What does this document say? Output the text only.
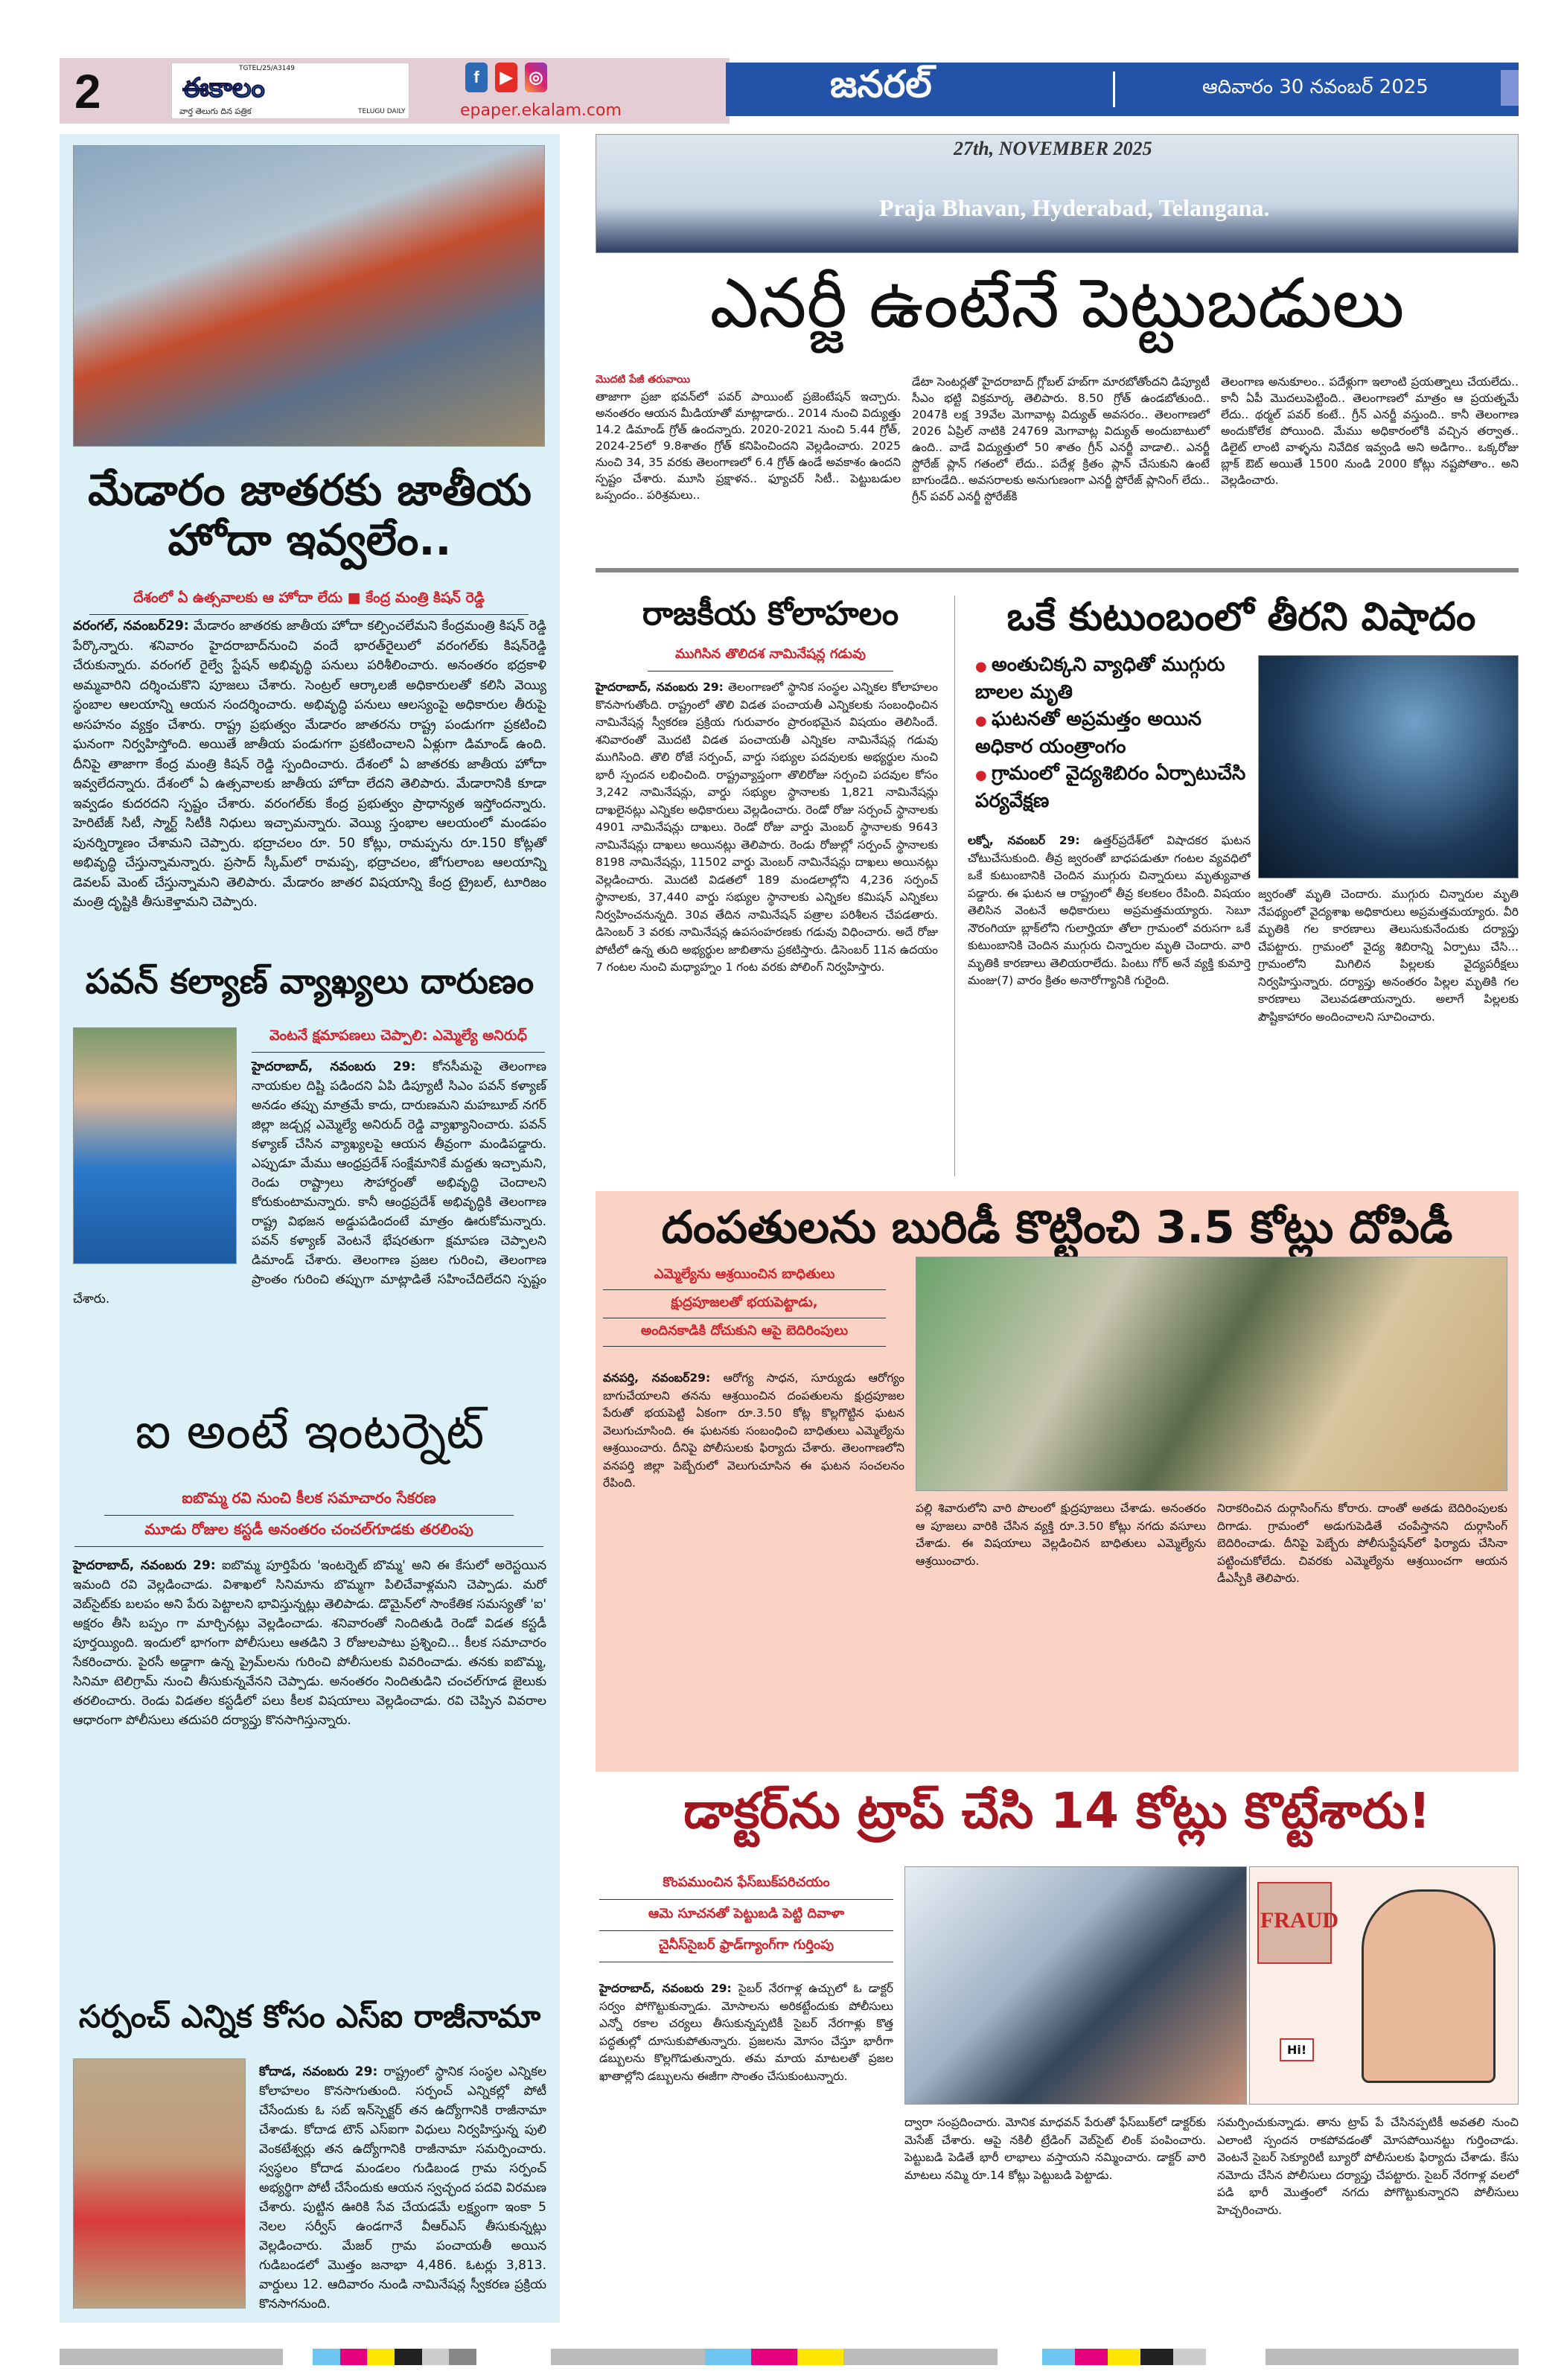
2	TGTEL/25/A3149
ఈకాలం
వార్త తెలుగు దిన పత్రిక	TELUGU DAILY
f	▶ ◎
epaper.ekalam.com
జనరల్	ఆదివారం 30 నవంబర్ 2025
మేడారం జాతరకు జాతీయ హోదా ఇవ్వలేం..
దేశంలో ఏ ఉత్సవాలకు ఆ హోదా లేదు ■ కేంద్ర మంత్రి కిషన్ రెడ్డి
వరంగల్, నవంబర్29: మేడారం జాతరకు జాతీయ హోదా కల్పించలేమని కేంద్రమంత్రి కిషన్ రెడ్డి పేర్కొన్నారు. శనివారం హైదరాబాద్‌నుంచి వందే భారత్‌రైలులో వరంగల్‌కు కిషన్‌రెడ్డి చేరుకున్నారు. వరంగల్ రైల్వే స్టేషన్ అభివృద్ధి పనులు పరిశీలించారు. అనంతరం భద్రకాళి అమ్మవారిని దర్శించుకొని పూజలు చేశారు. సెంట్రల్ ఆర్కాలజీ అధికారులతో కలిసి వెయ్యి స్థంబాల ఆలయాన్ని ఆయన సందర్శించారు. అభివృద్ధి పనులు ఆలస్యంపై అధికారుల తీరుపై అసహనం వ్యక్తం చేశారు. రాష్ట్ర ప్రభుత్వం మేడారం జాతరను రాష్ట్ర పండుగగా ప్రకటించి ఘనంగా నిర్వహిస్తోంది. అయితే జాతీయ పండుగగా ప్రకటించాలని ఏళ్లుగా డిమాండ్ ఉంది. దీనిపై తాజాగా కేంద్ర మంత్రి కిషన్ రెడ్డి స్పందించారు. దేశంలో ఏ జాతరకు జాతీయ హోదా ఇవ్వలేదన్నారు. దేశంలో ఏ ఉత్సవాలకు జాతీయ హోదా లేదని తెలిపారు. మేడారానికి కూడా ఇవ్వడం కుదరదని స్పష్టం చేశారు. వరంగల్‌కు కేంద్ర ప్రభుత్వం ప్రాధాన్యత ఇస్తోందన్నారు. హెరిటేజ్ సిటీ, స్మార్ట్ సిటీకి నిధులు ఇచ్చామన్నారు. వెయ్యి స్తంభాల ఆలయంలో మండపం పునర్నిర్మాణం చేశామని చెప్పారు. భద్రాచలం రూ. 50 కోట్లు, రామప్పను రూ.150 కోట్లతో అభివృద్ధి చేస్తున్నామన్నారు. ప్రసాద్ స్కీమ్‌లో రామప్ప, భద్రాచలం, జోగులాంబ ఆలయాన్ని డెవలప్ మెంట్ చేస్తున్నామని తెలిపారు. మేడారం జాతర విషయాన్ని కేంద్ర ట్రైబల్, టూరిజం మంత్రి దృష్టికి తీసుకెళ్తామని చెప్పారు.
పవన్ కల్యాణ్ వ్యాఖ్యలు దారుణం
వెంటనే క్షమాపణలు చెప్పాలి: ఎమ్మెల్యే అనిరుధ్
హైదరాబాద్, నవంబరు 29: కోనసీమపై తెలంగాణ నాయకుల దిష్టి పడిందని ఏపి డిప్యూటీ సిఎం పవన్ కళ్యాణ్ అనడం తప్పు మాత్రమే కాదు, దారుణమని మహబూబ్ నగర్ జిల్లా జడ్చర్ల ఎమ్మెల్యే అనిరుద్ రెడ్డి వ్యాఖ్యానించారు. పవన్ కళ్యాణ్ చేసిన వ్యాఖ్యలపై ఆయన తీవ్రంగా మండిపడ్డారు. ఎప్పుడూ మేము ఆంధ్రప్రదేశ్ సంక్షేమానికే మద్దతు ఇచ్చామని, రెండు రాష్ట్రాలు సౌహార్దంతో అభివృద్ధి చెందాలని కోరుకుంటామన్నారు. కానీ ఆంధ్రప్రదేశ్ అభివృద్ధికి తెలంగాణ రాష్ట్ర విభజన అడ్డుపడిందంటే మాత్రం ఊరుకోమన్నారు. పవన్ కళ్యాణ్ వెంటనే భేషరతుగా క్షమాపణ చెప్పాలని డిమాండ్ చేశారు. తెలంగాణ ప్రజల గురించి, తెలంగాణ ప్రాంతం గురించి తప్పుగా మాట్లాడితే సహించేదిలేదని స్పష్టం చేశారు.
ఐ అంటే ఇంటర్నెట్
ఐబొమ్మ రవి నుంచి కీలక సమాచారం సేకరణ
మూడు రోజుల కస్టడీ అనంతరం చంచల్‌గూడకు తరలింపు
హైదరాబాద్, నవంబరు 29: ఐబొమ్మ పూర్తిపేరు 'ఇంటర్నెట్ బొమ్మ' అని ఈ కేసులో అరెస్టయిన ఇమంది రవి వెల్లడించాడు. విశాఖలో సినిమాను బొమ్మగా పిలిచేవాళ్లమని చెప్పాడు. మరో వెబ్‌సైట్‌కు బలపం అని పేరు పెట్టాలని భావిస్తున్నట్లు తెలిపాడు. డొమైన్‌లో సాంకేతిక సమస్యతో 'ఐ' అక్షరం తీసి బప్పం గా మార్చినట్లు వెల్లడించాడు. శనివారంతో నిందితుడి రెండో విడత కస్టడీ పూర్తయ్యింది. ఇందులో భాగంగా పోలీసులు ఆతడిని 3 రోజులపాటు ప్రశ్నించి... కీలక సమాచారం సేకరించారు. పైరసీ అడ్డాగా ఉన్న ప్రైమ్‌లను గురించి పోలీసులకు వివరించాడు. తనకు ఐబొమ్మ, సినిమా టెలిగ్రామ్ నుంచి తీసుకున్నవేనని చెప్పాడు. అనంతరం నిందితుడిని చంచల్‌గూడ జైలుకు తరలించారు. రెండు విడతల కస్టడీలో పలు కీలక విషయాలు వెల్లడించాడు. రవి చెప్పిన వివరాల ఆధారంగా పోలీసులు తదుపరి దర్యాప్తు కొనసాగిస్తున్నారు.
సర్పంచ్ ఎన్నిక కోసం ఎస్ఐ రాజీనామా
కోదాడ, నవంబరు 29: రాష్ట్రంలో స్థానిక సంస్థల ఎన్నికల కోలాహలం కొనసాగుతుంది. సర్పంచ్ ఎన్నికల్లో పోటీ చేసేందుకు ఓ సబ్ ఇన్‌స్పెక్టర్ తన ఉద్యోగానికి రాజీనామా చేశాడు. కోదాడ టౌన్ ఎస్ఐగా విధులు నిర్వహిస్తున్న పులి వెంకటేశ్వర్లు తన ఉద్యోగానికి రాజీనామా సమర్పించారు. స్వస్థలం కోదాడ మండలం గుడిబండ గ్రామ సర్పంచ్ అభ్యర్థిగా పోటీ చేసేందుకు ఆయన స్వచ్ఛంద పదవి విరమణ చేశారు. పుట్టిన ఊరికి సేవ చేయడమే లక్ష్యంగా ఇంకా 5 నెలల సర్వీస్ ఉండగానే వీఆర్ఎస్ తీసుకున్నట్లు వెల్లడించారు. మేజర్ గ్రామ పంచాయతీ అయిన గుడిబండలో మొత్తం జనాభా 4,486. ఓటర్లు 3,813. వార్డులు 12. ఆదివారం నుండి నామినేషన్ల స్వీకరణ ప్రక్రియ కొనసాగనుంది.
27th, NOVEMBER 2025
Praja Bhavan, Hyderabad, Telangana.
ఎనర్జీ ఉంటేనే పెట్టుబడులు
మొదటి పేజీ తరువాయి
తాజాగా ప్రజా భవన్‌లో పవర్ పాయింట్ ప్రజెంటేషన్ ఇచ్చారు. అనంతరం ఆయన మీడియాతో మాట్లాడారు.. 2014 నుంచి విద్యుత్తు 14.2 డిమాండ్ గ్రోత్ ఉందన్నారు. 2020-2021 నుంచి 5.44 గ్రోత్, 2024-25లో 9.8శాతం గ్రోత్ కనిపించిందని వెల్లడించారు. 2025 నుంచి 34, 35 వరకు తెలంగాణలో 6.4 గ్రోత్ ఉండే అవకాశం ఉందని స్పష్టం చేశారు. మూసి ప్రక్షాళన.. ఫ్యూచర్ సిటీ.. పెట్టుబడుల ఒప్పందం.. పరిశ్రమలు..
డేటా సెంటర్లతో హైదరాబాద్ గ్లోబల్ హబ్‌గా మారబోతోందని డిప్యూటీ సీఎం భట్టి విక్రమార్క తెలిపారు. 8.50 గ్రోత్ ఉండబోతుంది.. 2047కి లక్ష 39వేల మెగావాట్ల విద్యుత్ అవసరం.. తెలంగాణలో 2026 ఏప్రిల్ నాటికి 24769 మెగావాట్ల విద్యుత్ అందుబాటులో ఉంది.. వాడే విద్యుత్తులో 50 శాతం గ్రీన్ ఎనర్జీ వాడాలి.. ఎనర్జీ స్టోరేజ్ ప్లాన్ గతంలో లేదు.. పదేళ్ల క్రితం ప్లాన్ చేసుకుని ఉంటే బాగుండేది.. అవసరాలకు అనుగుణంగా ఎనర్జీ స్టోరేజ్ ప్లానింగ్ లేదు.. గ్రీన్ పవర్ ఎనర్జీ స్టోరేజ్‌కి
తెలంగాణ అనుకూలం.. పదేళ్లుగా ఇలాంటి ప్రయత్నాలు చేయలేదు.. కానీ ఏపీ మొదలుపెట్టింది.. తెలంగాణలో మాత్రం ఆ ప్రయత్నమే లేదు.. థర్మల్ పవర్ కంటే.. గ్రీన్ ఎనర్జీ వస్తుంది.. కానీ తెలంగాణ అందుకోలేక పోయింది. మేము అధికారంలోకి వచ్చిన తర్వాత.. డిలైట్ లాంటి వాళ్ళను నివేదిక ఇవ్వండి అని అడిగాం.. ఒక్కరోజు బ్లాక్ ఔట్ అయితే 1500 నుండి 2000 కోట్లు నష్టపోతాం.. అని వెల్లడించారు.
రాజకీయ కోలాహలం
ముగిసిన తొలిదశ నామినేషన్ల గడువు
హైదరాబాద్, నవంబరు 29: తెలంగాణలో స్థానిక సంస్థల ఎన్నికల కోలాహలం కొనసాగుతోంది. రాష్ట్రంలో తొలి విడత పంచాయతీ ఎన్నికలకు సంబంధించిన నామినేషన్ల స్వీకరణ ప్రక్రియ గురువారం ప్రారంభమైన విషయం తెలిసిందే. శనివారంతో మొదటి విడత పంచాయతీ ఎన్నికల నామినేషన్ల గడువు ముగిసింది. తొలి రోజే సర్పంచ్, వార్డు సభ్యుల పదవులకు అభ్యర్థుల నుంచి భారీ స్పందన లభించింది. రాష్ట్రవ్యాప్తంగా తొలిరోజు సర్పంచి పదవుల కోసం 3,242 నామినేషన్లు, వార్డు సభ్యుల స్థానాలకు 1,821 నామినేషన్లు దాఖలైనట్లు ఎన్నికల అధికారులు వెల్లడించారు. రెండో రోజు సర్పంచ్ స్థానాలకు 4901 నామినేషన్లు దాఖలు. రెండో రోజు వార్డు మెంబర్ స్థానాలకు 9643 నామినేషన్లు దాఖలు అయినట్లు తెలిపారు. రెండు రోజుల్లో సర్పంచ్ స్థానాలకు 8198 నామినేషన్లు, 11502 వార్డు మెంబర్ నామినేషన్లు దాఖలు అయినట్లు వెల్లడించారు. మొదటి విడతలో 189 మండలాల్లోని 4,236 సర్పంచ్ స్థానాలకు, 37,440 వార్డు సభ్యుల స్థానాలకు ఎన్నికల కమిషన్ ఎన్నికలు నిర్వహించనున్నది. 30వ తేదిన నామినేషన్ పత్రాల పరిశీలన చేపడతారు. డిసెంబర్ 3 వరకు నామినేషన్ల ఉపసంహరణకు గడువు విధించారు. అదే రోజు పోటీలో ఉన్న తుది అభ్యర్థుల జాబితాను ప్రకటిస్తారు. డిసెంబర్ 11న ఉదయం 7 గంటల నుంచి మధ్యాహ్నం 1 గంట వరకు పోలింగ్ నిర్వహిస్తారు.
ఒకే కుటుంబంలో తీరని విషాదం
● అంతుచిక్కని వ్యాధితో ముగ్గురు బాలల మృతి
● ఘటనతో అప్రమత్తం అయిన అధికార యంత్రాంగం
● గ్రామంలో వైద్యశిబిరం ఏర్పాటుచేసి పర్యవేక్షణ
లక్నో, నవంబర్ 29: ఉత్తర్‌ప్రదేశ్‌లో విషాదకర ఘటన చోటుచేసుకుంది. తీవ్ర జ్వరంతో బాధపడుతూ గంటల వ్యవధిలో ఒకే కుటుంబానికి చెందిన ముగ్గురు చిన్నారులు మృత్యువాత పడ్డారు. ఈ ఘటన ఆ రాష్ట్రంలో తీవ్ర కలకలం రేపింది. విషయం తెలిసిన వెంటనే అధికారులు అప్రమత్తమయ్యారు. సెబూ నౌరంగియా బ్లాక్‌లోని గులార్హియా తోలా గ్రామంలో వరుసగా ఒకే కుటుంబానికి చెందిన ముగ్గురు చిన్నారుల మృతి చెందారు. వారి మృతికి కారణాలు తెలియరాలేదు. పింటు గోర్ అనే వ్యక్తి కుమార్తె మంజు(7) వారం క్రితం అనారోగ్యానికి గురైంది.
జ్వరంతో మృతి చెందారు. ముగ్గురు చిన్నారుల మృతి నేపథ్యంలో వైద్యశాఖ అధికారులు అప్రమత్తమయ్యారు. వీరి మృతికి గల కారణాలు తెలుసుకునేందుకు దర్యాప్తు చేపట్టారు. గ్రామంలో వైద్య శిబిరాన్ని ఏర్పాటు చేసి... గ్రామంలోని మిగిలిన పిల్లలకు వైద్యపరీక్షలు నిర్వహిస్తున్నారు. దర్యాప్తు అనంతరం పిల్లల మృతికి గల కారణాలు వెలువడతాయన్నారు. అలాగే పిల్లలకు పౌష్టికాహారం అందించాలని సూచించారు.
దంపతులను బురిడీ కొట్టించి 3.5 కోట్లు దోపిడీ
ఎమ్మెల్యేను ఆశ్రయించిన బాధితులు
క్షుద్రపూజలతో భయపెట్టాడు,
అందినకాడికి దోచుకుని ఆపై బెదిరింపులు
వనపర్తి, నవంబర్29: ఆరోగ్య సాధన, సూర్యుడు ఆరోగ్యం బాగుచేయాలని తనను ఆశ్రయించిన దంపతులను క్షుద్రపూజల పేరుతో భయపెట్టి ఏకంగా రూ.3.50 కోట్ల కొల్లగొట్టిన ఘటన వెలుగుచూసింది. ఈ ఘటనకు సంబంధించి బాధితులు ఎమ్మెల్యేను ఆశ్రయించారు. దీనిపై పోలీసులకు ఫిర్యాదు చేశారు. తెలంగాణలోని వనపర్తి జిల్లా పెబ్బేరులో వెలుగుచూసిన ఈ ఘటన సంచలనం రేపింది.
పల్లి శివారులోని వారి పొలంలో క్షుద్రపూజలు చేశాడు. అనంతరం ఆ పూజలు వారికి చేసిన వ్యక్తి రూ.3.50 కోట్లు నగదు వసూలు చేశాడు. ఈ విషయాలు వెల్లడించిన బాధితులు ఎమ్మెల్యేను ఆశ్రయించారు.
నిరాకరించిన దుర్గాసింగ్‌ను కోరారు. దాంతో అతడు బెదిరింపులకు దిగాడు. గ్రామంలో అడుగుపెడితే చంపేస్తానని దుర్గాసింగ్ బెదిరించాడు. దీనిపై పెబ్బేరు పోలీసుస్టేషన్‌లో ఫిర్యాదు చేసినా పట్టించుకోలేదు. చివరకు ఎమ్మెల్యేను ఆశ్రయించగా ఆయన డీఎస్పీకి తెలిపారు.
డాక్టర్‌ను ట్రాప్ చేసి 14 కోట్లు కొట్టేశారు!
కొంపముంచిన ఫేస్‌బుక్‌పరిచయం
ఆమె సూచనతో పెట్టుబడి పెట్టి దివాళా
చైనీస్‌సైబర్ ఫ్రాడ్‌గ్యాంగ్‌గా గుర్తింపు
FRAUD
Hi!
హైదరాబాద్, నవంబరు 29: సైబర్ నేరగాళ్ల ఉచ్చులో ఓ డాక్టర్ సర్వం పోగొట్టుకున్నాడు. మోసాలను అరికట్టేందుకు పోలీసులు ఎన్నో రకాల చర్యలు తీసుకున్నప్పటికీ సైబర్ నేరగాళ్లు కొత్త పద్ధతుల్లో దూసుకుపోతున్నారు. ప్రజలను మోసం చేస్తూ భారీగా డబ్బులను కొల్లగొడుతున్నారు. తమ మాయ మాటలతో ప్రజల ఖాతాల్లోని డబ్బులను ఈజీగా సొంతం చేసుకుంటున్నారు.
ద్వారా సంప్రదించారు. మోనిక మాధవన్ పేరుతో ఫేస్‌బుక్‌లో డాక్టర్‌కు మెసేజ్ చేశారు. ఆపై నకిలీ ట్రేడింగ్ వెబ్‌సైట్ లింక్ పంపించారు. పెట్టుబడి పెడితే భారీ లాభాలు వస్తాయని నమ్మించారు. డాక్టర్ వారి మాటలు నమ్మి రూ.14 కోట్లు పెట్టుబడి పెట్టాడు.
సమర్పించుకున్నాడు. తాను ట్రాప్ పే చేసినప్పటికీ అవతలి నుంచి ఎలాంటి స్పందన రాకపోవడంతో మోసపోయినట్టు గుర్తించాడు. వెంటనే సైబర్ సెక్యూరిటీ బ్యూరో పోలీసులకు ఫిర్యాదు చేశాడు. కేసు నమోదు చేసిన పోలీసులు దర్యాప్తు చేపట్టారు. సైబర్ నేరగాళ్ల వలలో పడి భారీ మొత్తంలో నగదు పోగొట్టుకున్నారని పోలీసులు హెచ్చరించారు.
